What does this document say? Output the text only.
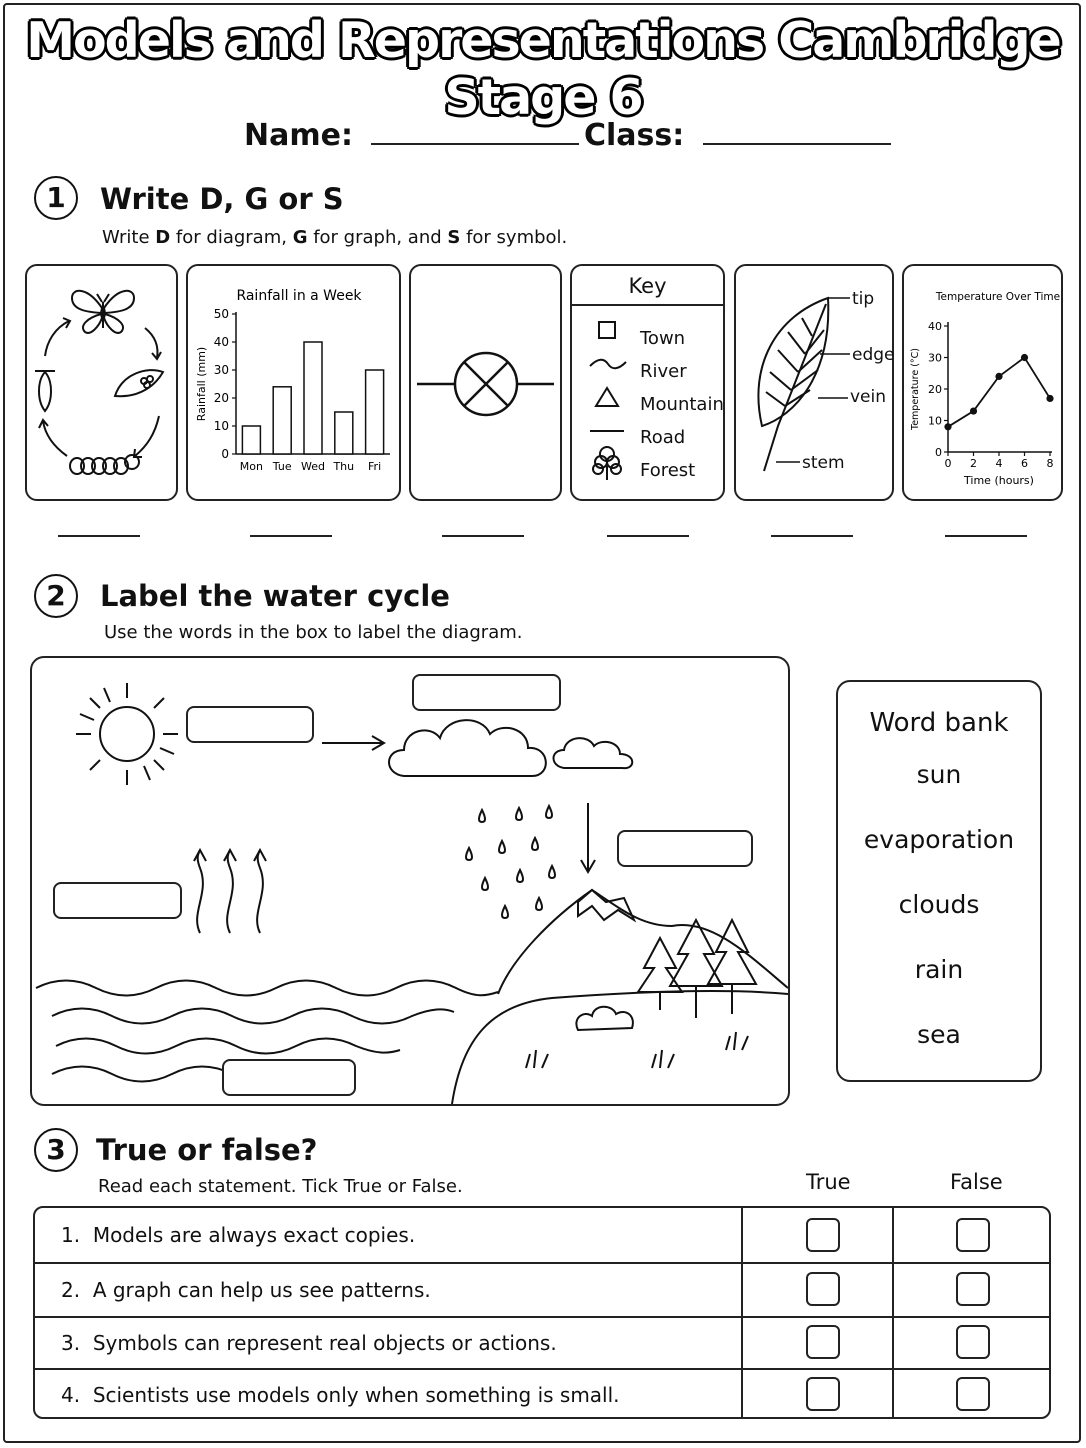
Models and Representations Cambridge Stage 6
Name:	Class:
1	Write D, G or S
Write D for diagram, G for graph, and S for symbol.
Rainfall in a Week
Rainfall (mm)
0
10
20
30
40
50
Mon Tue Wed Thu Fri
Key
Town
River
Mountain
Road
Forest
tip
edge
vein
stem
Temperature Over Time
Temperature (°C)
Time (hours)
0
10
20
30
40
0 2 4 6 8
2	Label the water cycle
Use the words in the box to label the diagram.
Word bank
sun
evaporation
clouds
rain
sea
3	True or false?
Read each statement. Tick True or False.	True	False
1. Models are always exact copies.
2. A graph can help us see patterns.
3. Symbols can represent real objects or actions.
4. Scientists use models only when something is small.
